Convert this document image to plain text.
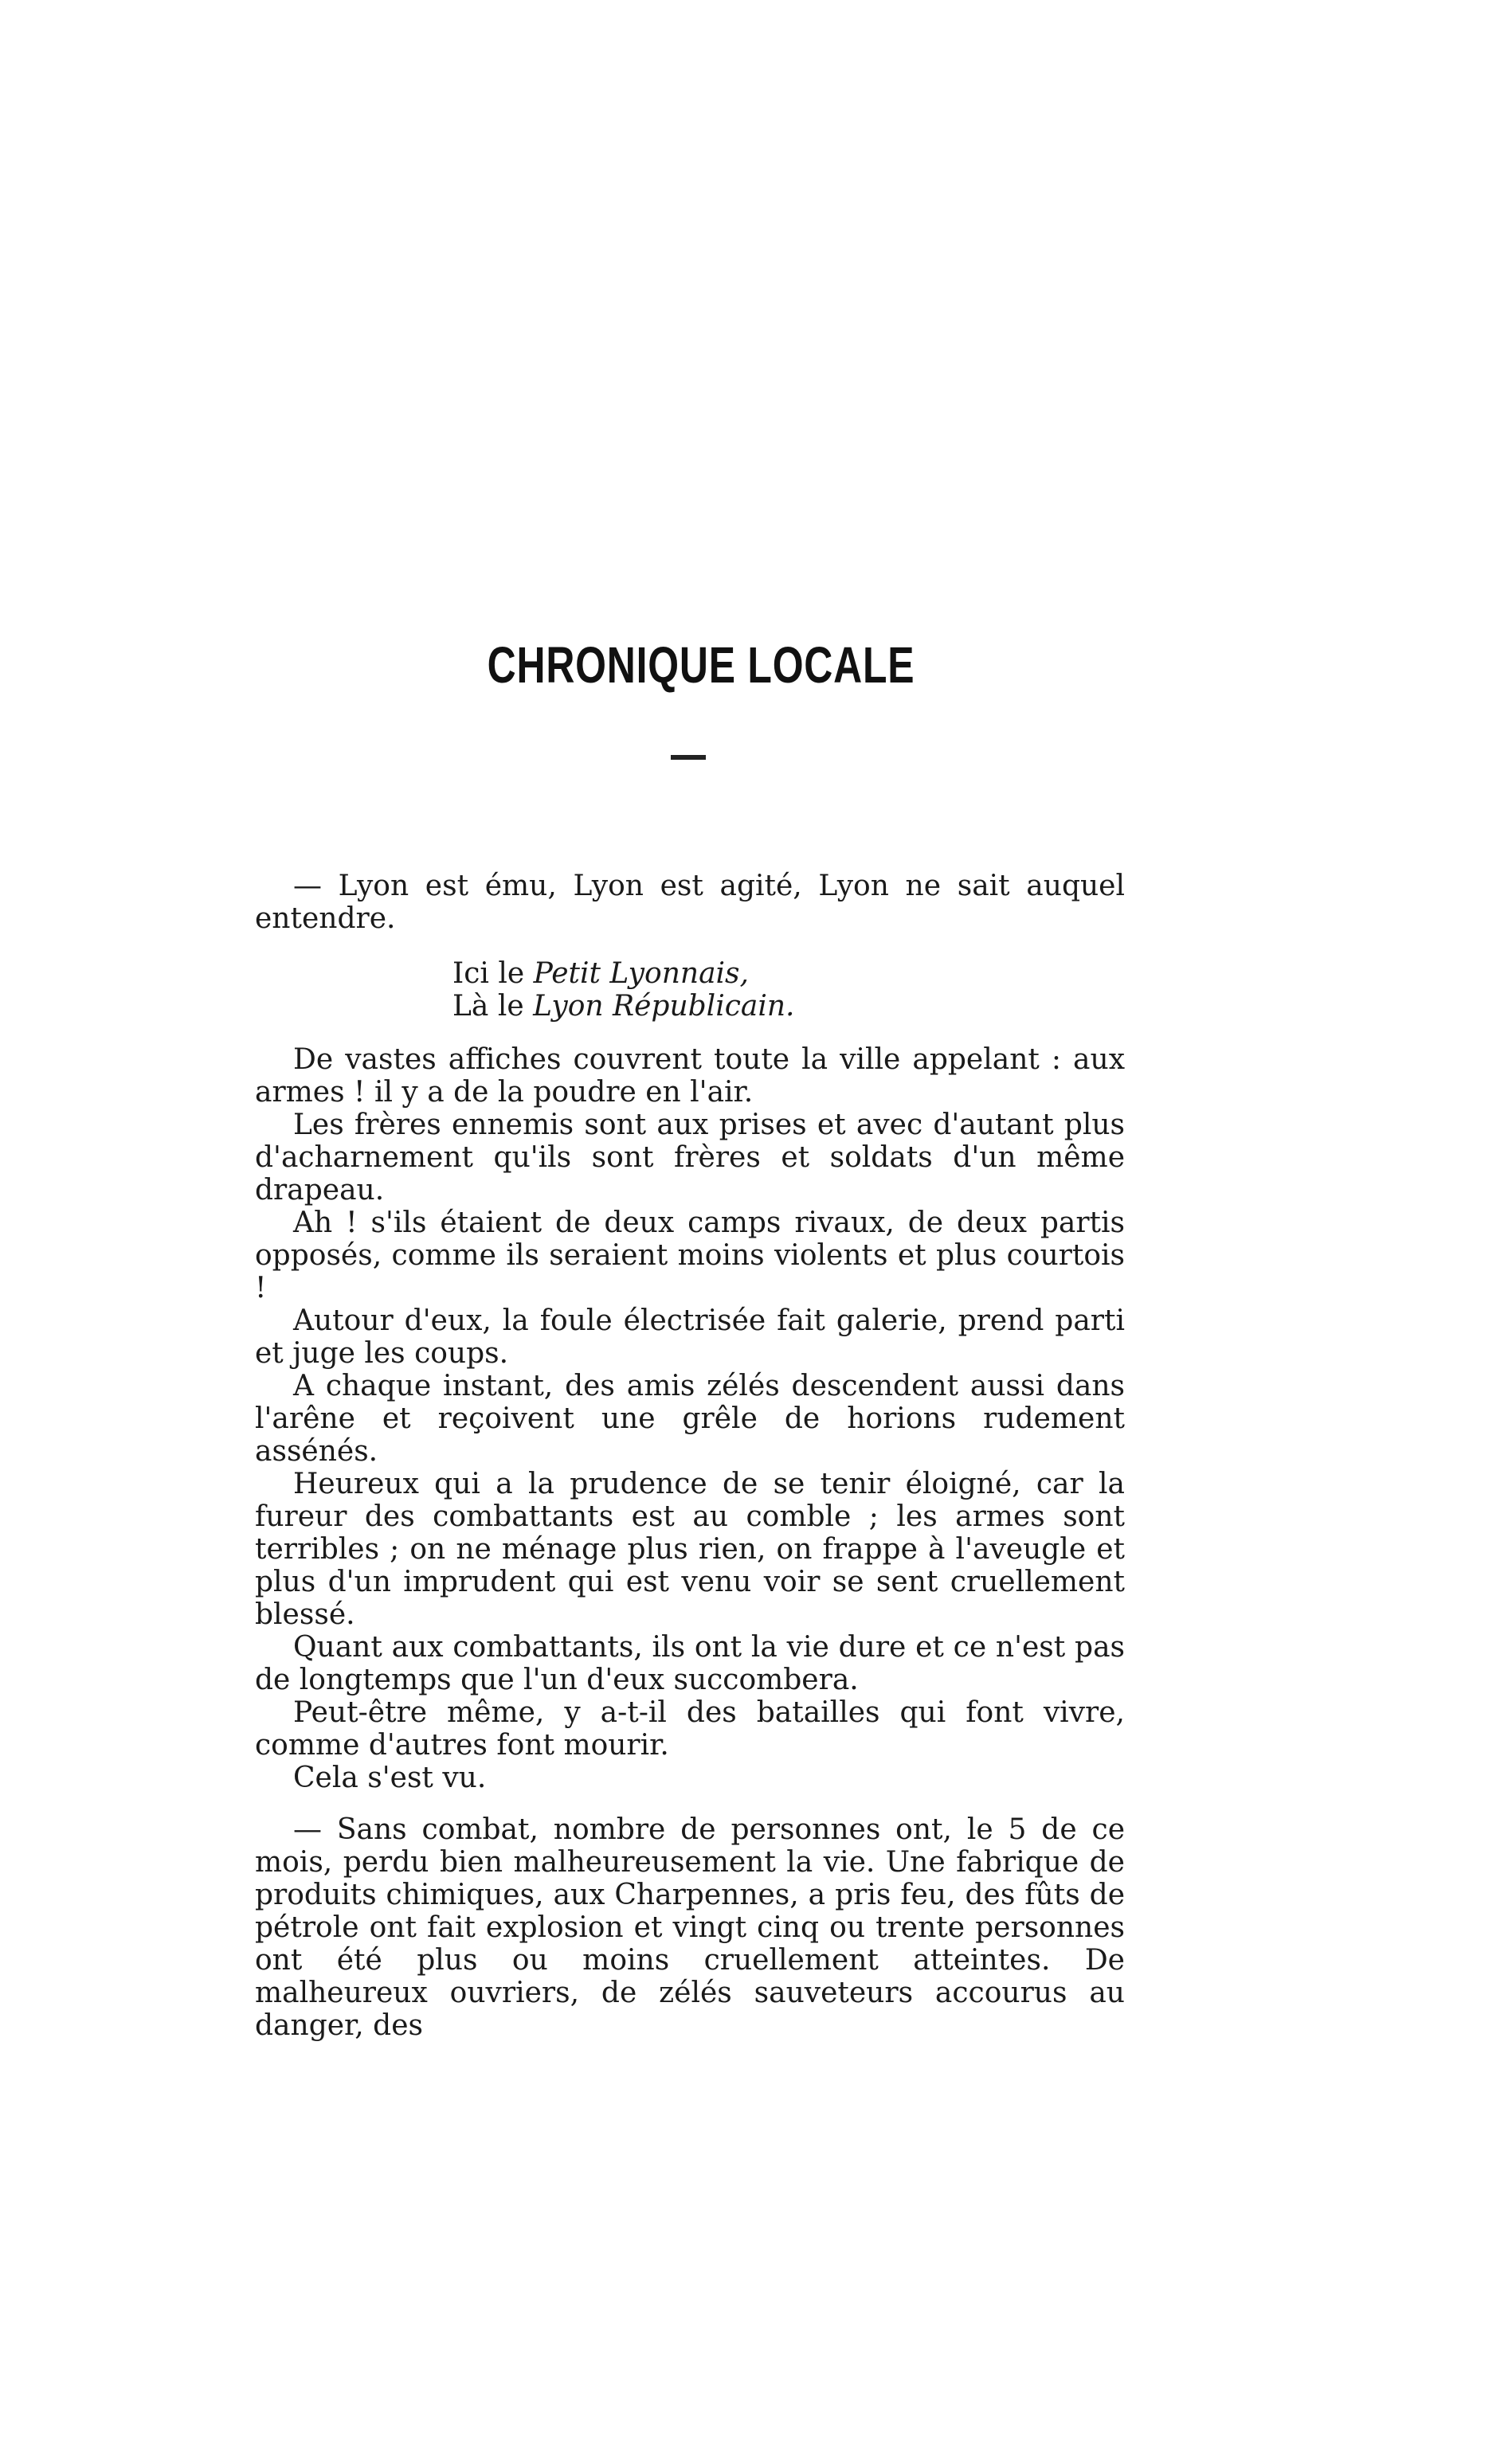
CHRONIQUE LOCALE

— Lyon est ému, Lyon est agité, Lyon ne sait auquel entendre.

Ici le Petit Lyonnais,
Là le Lyon Républicain.

De vastes affiches couvrent toute la ville appelant : aux armes ! il y a de la poudre en l'air.

Les frères ennemis sont aux prises et avec d'autant plus d'acharnement qu'ils sont frères et soldats d'un même drapeau.

Ah ! s'ils étaient de deux camps rivaux, de deux partis opposés, comme ils seraient moins violents et plus courtois !

Autour d'eux, la foule électrisée fait galerie, prend parti et juge les coups.

A chaque instant, des amis zélés descendent aussi dans l'arêne et reçoivent une grêle de horions rudement assénés.

Heureux qui a la prudence de se tenir éloigné, car la fureur des combattants est au comble ; les armes sont terribles ; on ne ménage plus rien, on frappe à l'aveugle et plus d'un imprudent qui est venu voir se sent cruellement blessé.

Quant aux combattants, ils ont la vie dure et ce n'est pas de longtemps que l'un d'eux succombera.

Peut-être même, y a-t-il des batailles qui font vivre, comme d'autres font mourir.

Cela s'est vu.

— Sans combat, nombre de personnes ont, le 5 de ce mois, perdu bien malheureusement la vie. Une fabrique de produits chimiques, aux Charpennes, a pris feu, des fûts de pétrole ont fait explosion et vingt cinq ou trente personnes ont été plus ou moins cruellement atteintes. De malheureux ouvriers, de zélés sauveteurs accourus au danger, des
